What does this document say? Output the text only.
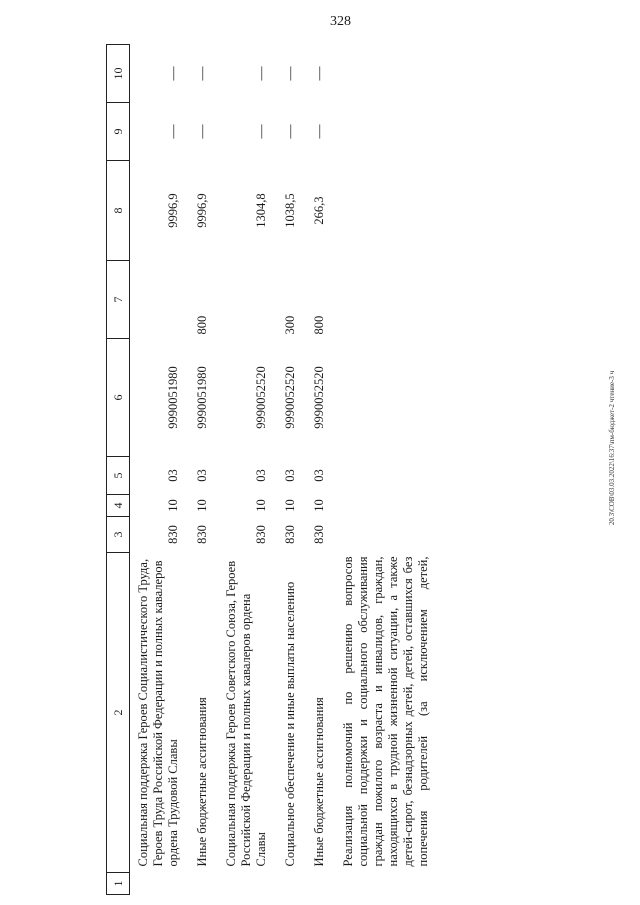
328
20.3\СОВ\03.03.2022\16:37\пм-бюджет-2 чтение-3 ч
1	2	3	4	5	6	7	8	9	10
	Социальная поддержка Героев Социалистического Труда, Героев Труда Российской Федерации и полных кавалеров ордена Трудовой Славы	830	10	03	9990051980		9996,9	—	—
	Иные бюджетные ассигнования	830	10	03	9990051980	800	9996,9	—	—
	Социальная поддержка Героев Советского Союза, Героев Российской Федерации и полных кавалеров ордена Славы	830	10	03	9990052520		1304,8	—	—
	Социальное обеспечение и иные выплаты населению	830	10	03	9990052520	300	1038,5	—	—
	Иные бюджетные ассигнования	830	10	03	9990052520	800	266,3	—	—
	Реализация полномочий по решению вопросов социальной поддержки и социального обслуживания граждан пожилого возраста и инвалидов, граждан, находящихся в трудной жизненной ситуации, а также детей-сирот, безнадзорных детей, детей, оставшихся без попечения родителей (за исключением детей,								
